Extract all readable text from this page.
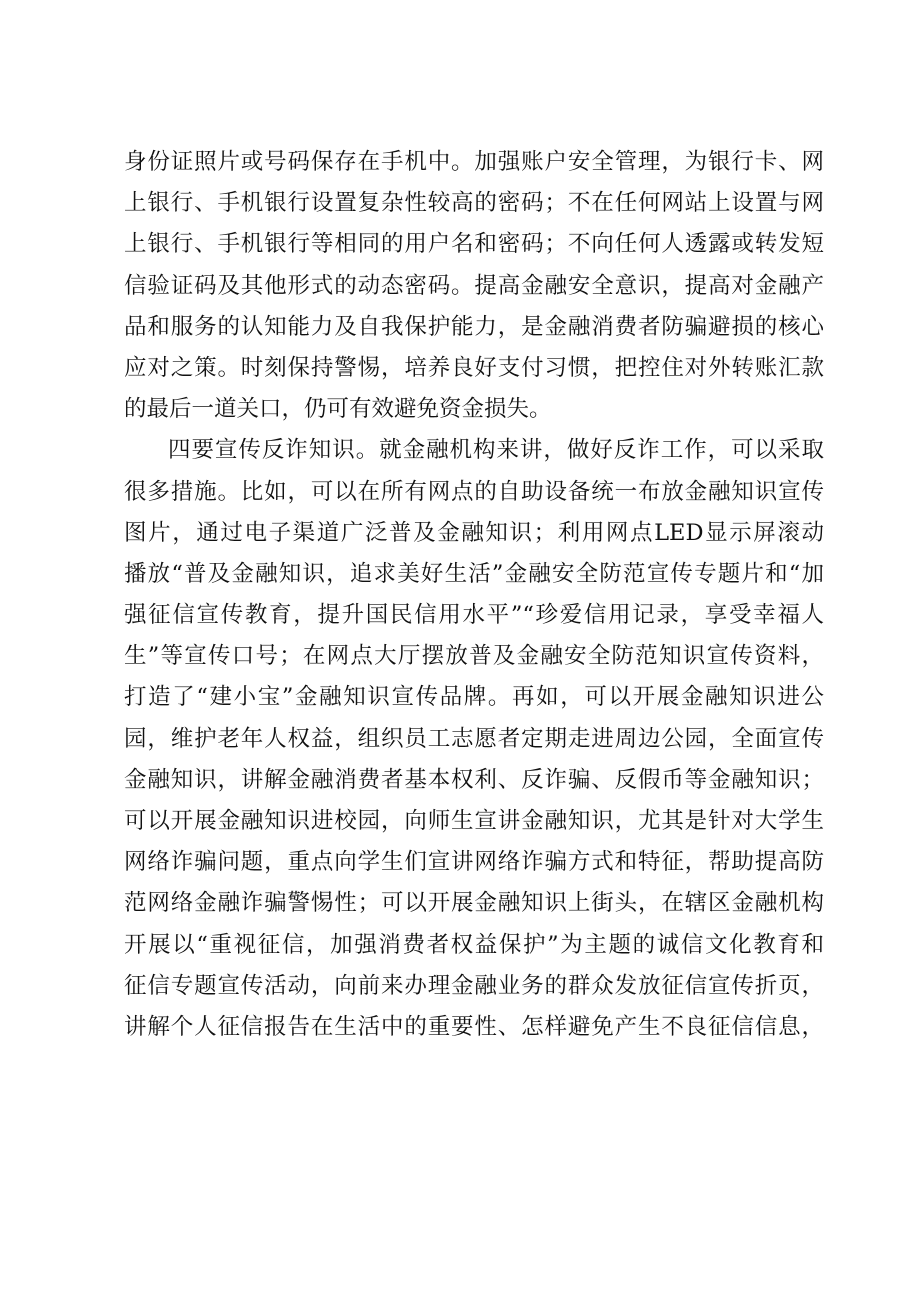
身份证照片或号码保存在手机中。加强账户安全管理，为银行卡、网
上银行、手机银行设置复杂性较高的密码；不在任何网站上设置与网
上银行、手机银行等相同的用户名和密码；不向任何人透露或转发短
信验证码及其他形式的动态密码。提高金融安全意识，提高对金融产
品和服务的认知能力及自我保护能力，是金融消费者防骗避损的核心
应对之策。时刻保持警惕，培养良好支付习惯，把控住对外转账汇款
的最后一道关口，仍可有效避免资金损失。
四要宣传反诈知识。就金融机构来讲，做好反诈工作，可以采取
很多措施。比如，可以在所有网点的自助设备统一布放金融知识宣传
图片，通过电子渠道广泛普及金融知识；利用网点LED显示屏滚动
播放“普及金融知识，追求美好生活”金融安全防范宣传专题片和“加
强征信宣传教育，提升国民信用水平”“珍爱信用记录，享受幸福人
生”等宣传口号；在网点大厅摆放普及金融安全防范知识宣传资料，
打造了“建小宝”金融知识宣传品牌。再如，可以开展金融知识进公
园，维护老年人权益，组织员工志愿者定期走进周边公园，全面宣传
金融知识，讲解金融消费者基本权利、反诈骗、反假币等金融知识；
可以开展金融知识进校园，向师生宣讲金融知识，尤其是针对大学生
网络诈骗问题，重点向学生们宣讲网络诈骗方式和特征，帮助提高防
范网络金融诈骗警惕性；可以开展金融知识上街头，在辖区金融机构
开展以“重视征信，加强消费者权益保护”为主题的诚信文化教育和
征信专题宣传活动，向前来办理金融业务的群众发放征信宣传折页，
讲解个人征信报告在生活中的重要性、怎样避免产生不良征信信息，
